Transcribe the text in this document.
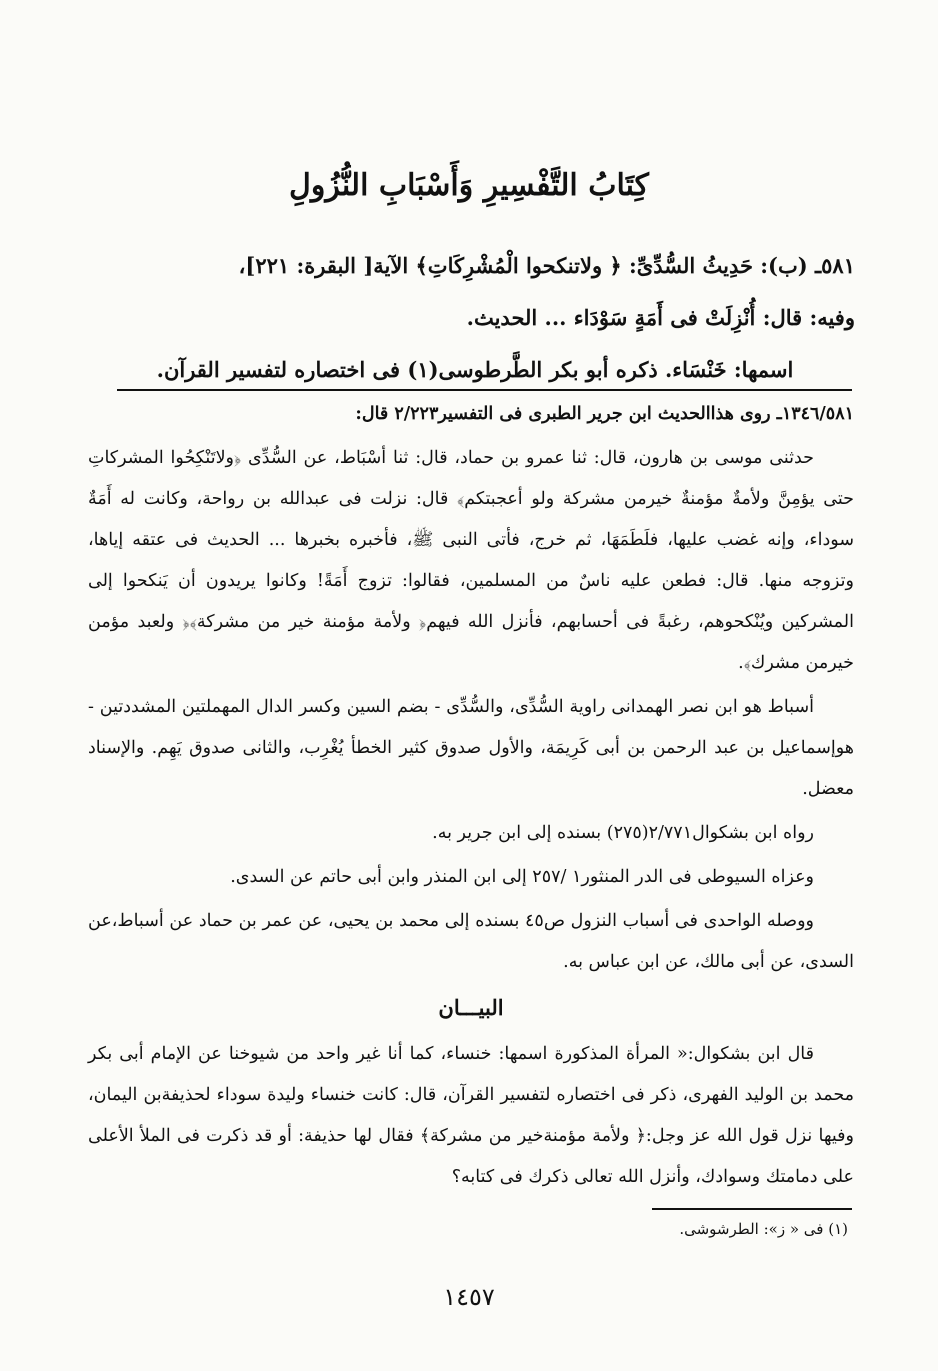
كِتَابُ التَّفْسِيرِ وَأَسْبَابِ النُّزُولِ

٥٨١ـ (ب): حَدِيثُ السُّدِّىِّ: ﴿ ولاتنكحوا الْمُشْرِكَاتِ﴾ الآية[ البقرة: ٢٢١]،

وفيه: قال: أُنْزِلَتْ فى أَمَةٍ سَوْدَاء ... الحديث.

اسمها: خَنْسَاء. ذكره أبو بكر الطَّرطوسى(١) فى اختصاره لتفسير القرآن.

١٣٤٦/٥٨١ـ روى هذاالحديث ابن جرير الطبرى فى التفسير٢/٢٢٣ قال:

حدثنى موسى بن هارون، قال: ثنا عمرو بن حماد، قال: ثنا أسْبَاط، عن السُّدِّى ﴿ولاتَنْكِحُوا المشركاتِ حتى يؤمِنَّ ولأمةٌ مؤمنةٌ خيرمن مشركة ولو أعجبتكم﴾ قال: نزلت فى عبدالله بن رواحة، وكانت له أَمَةٌ سوداء، وإنه غضب عليها، فلَطَمَهَا، ثم خرج، فأتى النبى ﷺ، فأخبره بخبرها ... الحديث فى عتقه إياها، وتزوجه منها. قال: فطعن عليه ناسٌ من المسلمين، فقالوا: تزوج أَمَةً! وكانوا يريدون أن يَنكحوا إلى المشركين ويُنْكحوهم، رغبةً فى أحسابهم، فأنزل الله فيهم﴿ ولأمة مؤمنة خير من مشركة﴾﴿ ولعبد مؤمن خيرمن مشرك﴾.

أسباط هو ابن نصر الهمدانى راوية السُّدِّى، والسُّدِّى - بضم السين وكسر الدال المهملتين المشددتين - هوإسماعيل بن عبد الرحمن بن أبى كَرِيمَة، والأول صدوق كثير الخطأ يُغْرِب، والثانى صدوق يَهِم. والإسناد معضل.

رواه ابن بشكوال٢/٧٧١(٢٧٥) بسنده إلى ابن جرير به.

وعزاه السيوطى فى الدر المنثور١ /٢٥٧ إلى ابن المنذر وابن أبى حاتم عن السدى.

ووصله الواحدى فى أسباب النزول ص٤٥ بسنده إلى محمد بن يحيى، عن عمر بن حماد عن أسباط،عن السدى، عن أبى مالك، عن ابن عباس به.

البيـــان

قال ابن بشكوال:« المرأة المذكورة اسمها: خنساء، كما أنا غير واحد من شيوخنا عن الإمام أبى بكر محمد بن الوليد الفهرى، ذكر فى اختصاره لتفسير القرآن، قال: كانت خنساء وليدة سوداء لحذيفةبن اليمان، وفيها نزل قول الله عز وجل:﴿ ولأمة مؤمنةخير من مشركة﴾ فقال لها حذيفة: أو قد ذكرت فى الملأ الأعلى على دمامتك وسوادك، وأنزل الله تعالى ذكرك فى كتابه؟

(١) فى « ز»: الطرشوشى.
١٤٥٧
